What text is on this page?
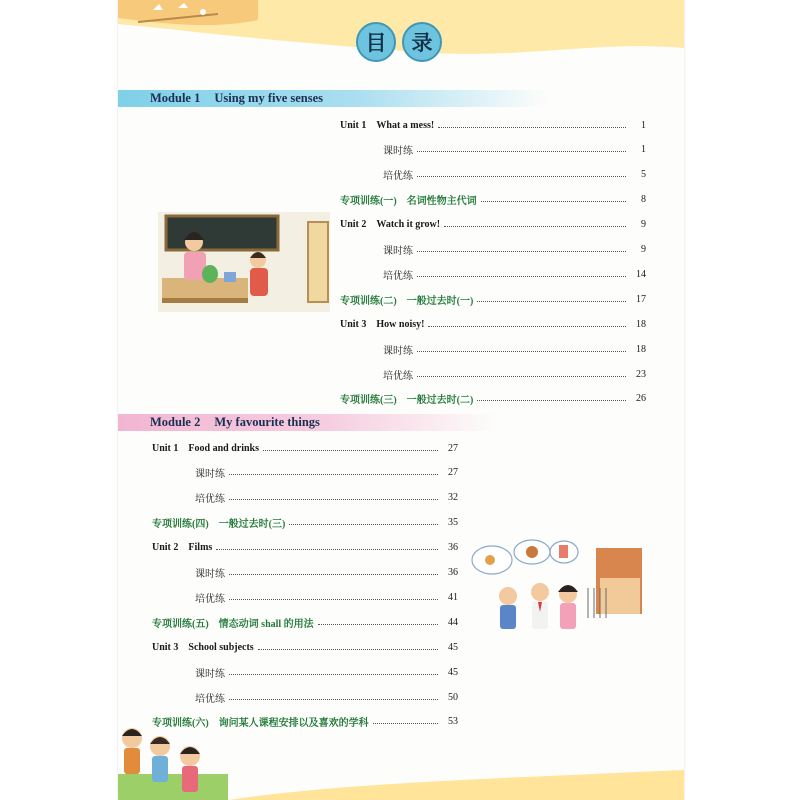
目	录
Module 1 Using my five senses
Unit 1 What a mess!	1
课时练	1
培优练	5
专项训练(一) 名词性物主代词	8
Unit 2 Watch it grow!	9
课时练	9
培优练	14
专项训练(二) 一般过去时(一)	17
Unit 3 How noisy!	18
课时练	18
培优练	23
专项训练(三) 一般过去时(二)	26
Module 2 My favourite things
Unit 1 Food and drinks	27
课时练	27
培优练	32
专项训练(四) 一般过去时(三)	35
Unit 2 Films	36
课时练	36
培优练	41
专项训练(五) 情态动词 shall 的用法	44
Unit 3 School subjects	45
课时练	45
培优练	50
专项训练(六) 询问某人课程安排以及喜欢的学科	53
